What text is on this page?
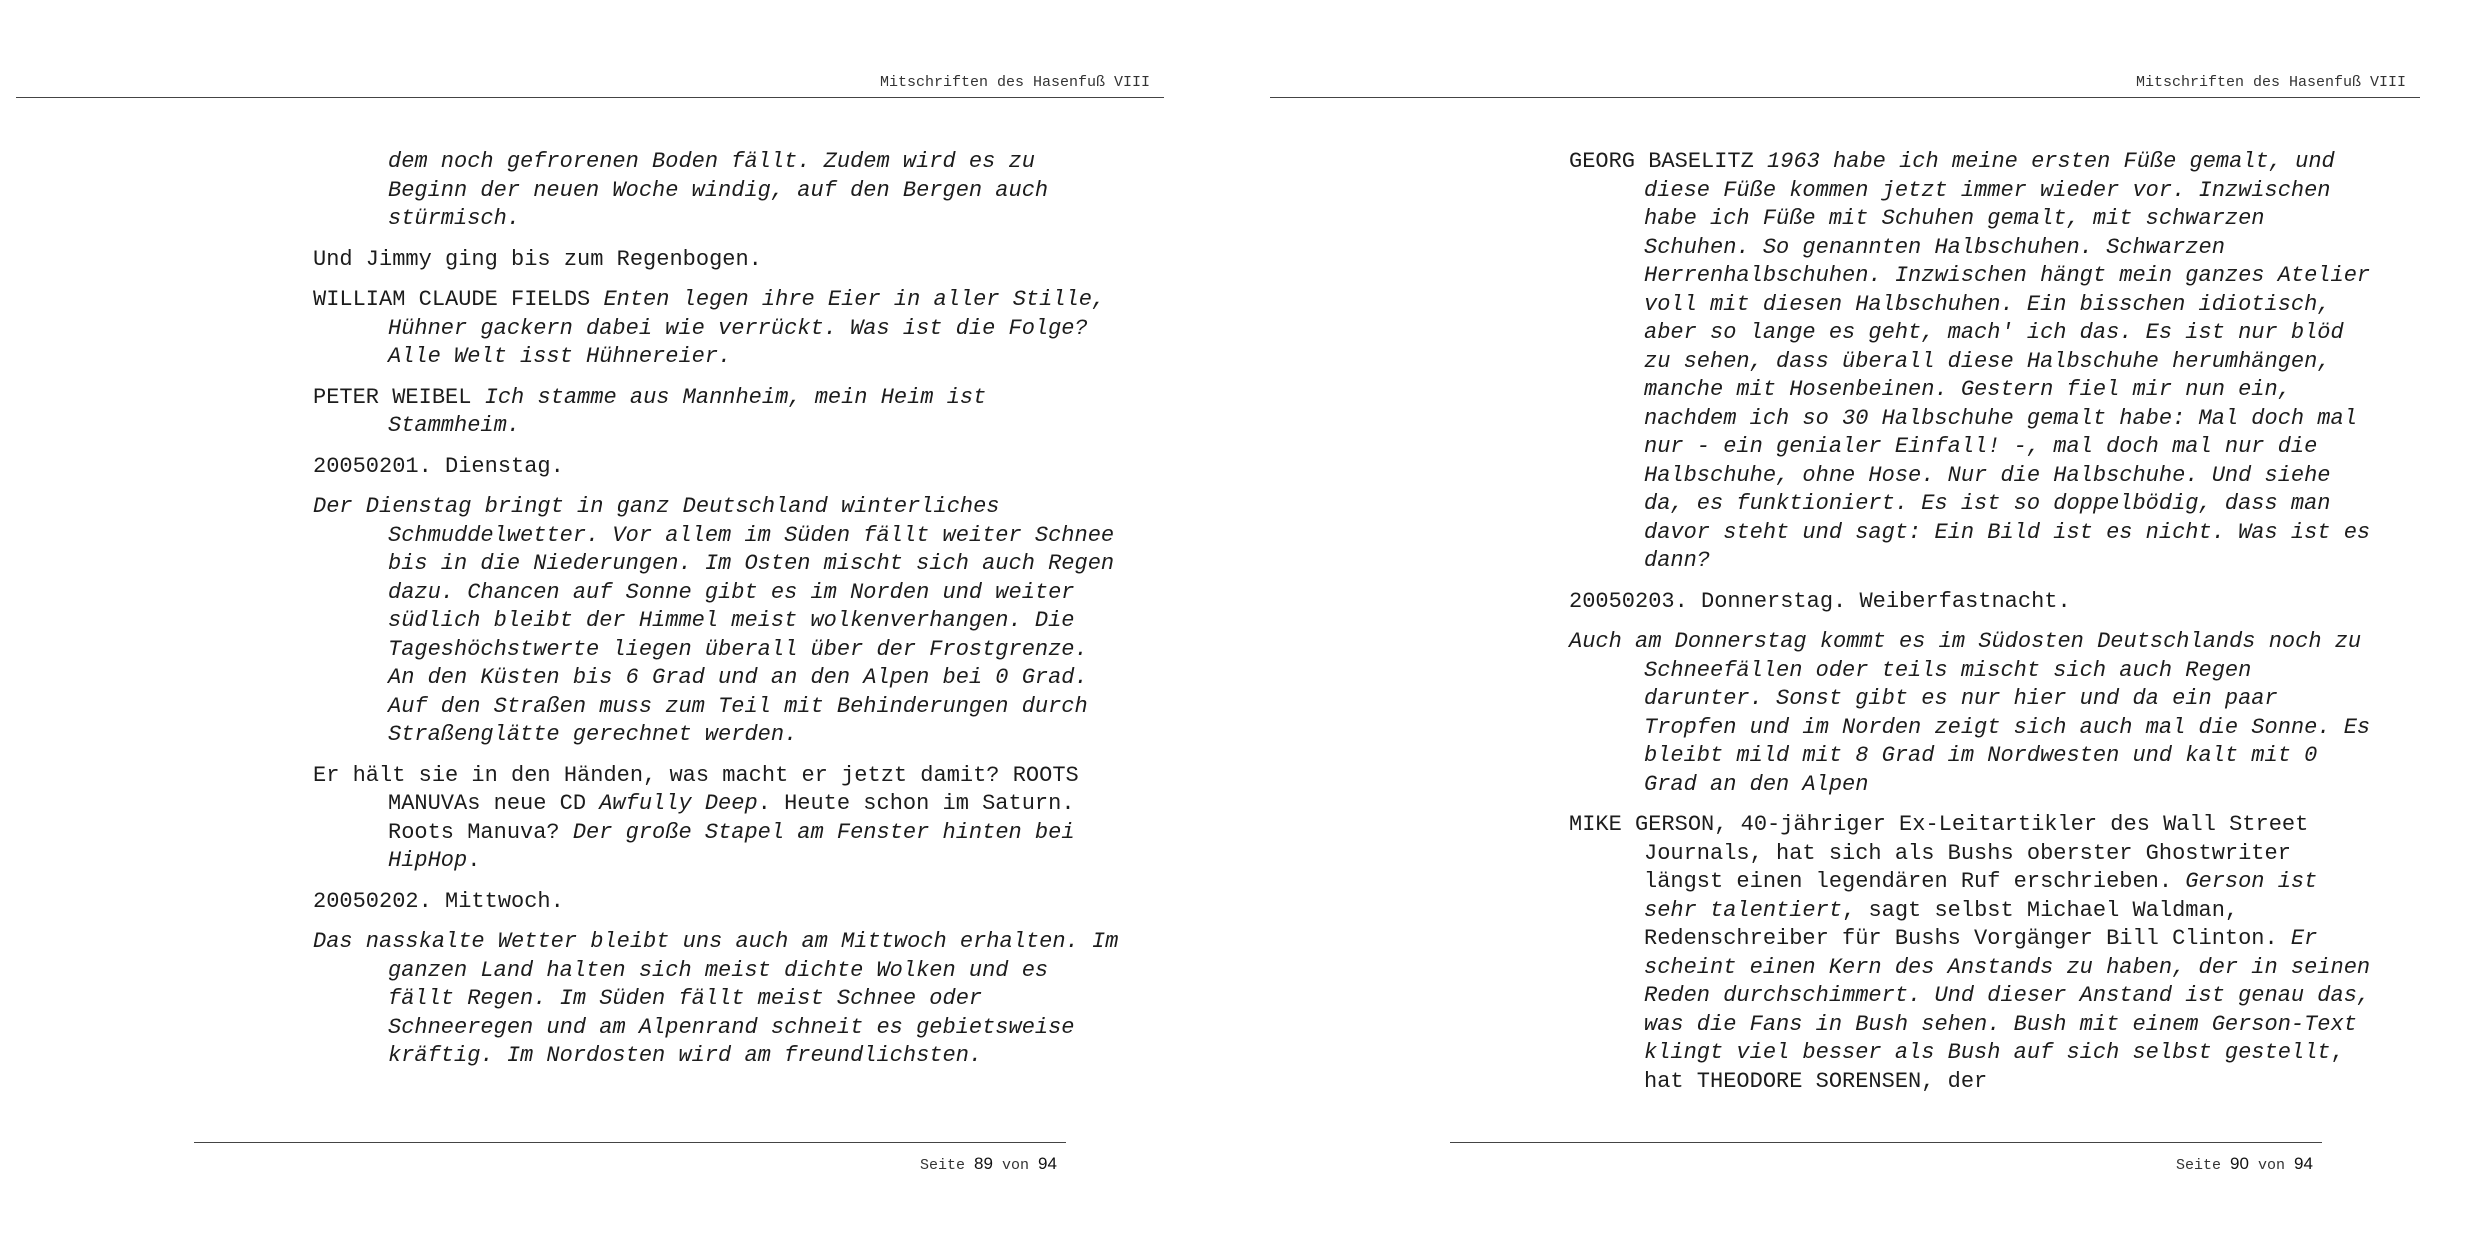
Mitschriften des Hasenfuß VIII
dem noch gefrorenen Boden fällt. Zudem wird es zu
Beginn der neuen Woche windig, auf den Bergen auch
stürmisch.
Und Jimmy ging bis zum Regenbogen.
WILLIAM CLAUDE FIELDS Enten legen ihre Eier in aller Stille, Hühner gackern dabei wie verrückt. Was ist die Folge? Alle Welt isst Hühnereier.
PETER WEIBEL Ich stamme aus Mannheim, mein Heim ist Stammheim.
20050201. Dienstag.
Der Dienstag bringt in ganz Deutschland winterliches Schmuddelwetter. Vor allem im Süden fällt weiter Schnee bis in die Niederungen. Im Osten mischt sich auch Regen dazu. Chancen auf Sonne gibt es im Norden und weiter südlich bleibt der Himmel meist wolkenverhangen. Die Tageshöchstwerte liegen überall über der Frostgrenze. An den Küsten bis 6 Grad und an den Alpen bei 0 Grad. Auf den Straßen muss zum Teil mit Behinderungen durch Straßenglätte gerechnet werden.
Er hält sie in den Händen, was macht er jetzt damit? ROOTS MANUVAs neue CD Awfully Deep. Heute schon im Saturn. Roots Manuva? Der große Stapel am Fenster hinten bei HipHop.
20050202. Mittwoch.
Das nasskalte Wetter bleibt uns auch am Mittwoch erhalten. Im ganzen Land halten sich meist dichte Wolken und es fällt Regen. Im Süden fällt meist Schnee oder Schneeregen und am Alpenrand schneit es gebietsweise kräftig. Im Nordosten wird am freundlichsten.
Seite 89 von 94
Mitschriften des Hasenfuß VIII
GEORG BASELITZ 1963 habe ich meine ersten Füße gemalt, und diese Füße kommen jetzt immer wieder vor. Inzwischen habe ich Füße mit Schuhen gemalt, mit schwarzen Schuhen. So genannten Halbschuhen. Schwarzen Herrenhalbschuhen. Inzwischen hängt mein ganzes Atelier voll mit diesen Halbschuhen. Ein bisschen idiotisch, aber so lange es geht, mach' ich das. Es ist nur blöd zu sehen, dass überall diese Halbschuhe herumhängen, manche mit Hosenbeinen. Gestern fiel mir nun ein, nachdem ich so 30 Halbschuhe gemalt habe: Mal doch mal nur - ein genialer Einfall! -, mal doch mal nur die Halbschuhe, ohne Hose. Nur die Halbschuhe. Und siehe da, es funktioniert. Es ist so doppelbödig, dass man davor steht und sagt: Ein Bild ist es nicht. Was ist es dann?
20050203. Donnerstag. Weiberfastnacht.
Auch am Donnerstag kommt es im Südosten Deutschlands noch zu Schneefällen oder teils mischt sich auch Regen darunter. Sonst gibt es nur hier und da ein paar Tropfen und im Norden zeigt sich auch mal die Sonne. Es bleibt mild mit 8 Grad im Nordwesten und kalt mit 0 Grad an den Alpen
MIKE GERSON, 40-jähriger Ex-Leitartikler des Wall Street Journals, hat sich als Bushs oberster Ghostwriter längst einen legendären Ruf erschrieben. Gerson ist sehr talentiert, sagt selbst Michael Waldman, Redenschreiber für Bushs Vorgänger Bill Clinton. Er scheint einen Kern des Anstands zu haben, der in seinen Reden durchschimmert. Und dieser Anstand ist genau das, was die Fans in Bush sehen. Bush mit einem Gerson-Text klingt viel besser als Bush auf sich selbst gestellt, hat THEODORE SORENSEN, der
Seite 90 von 94
